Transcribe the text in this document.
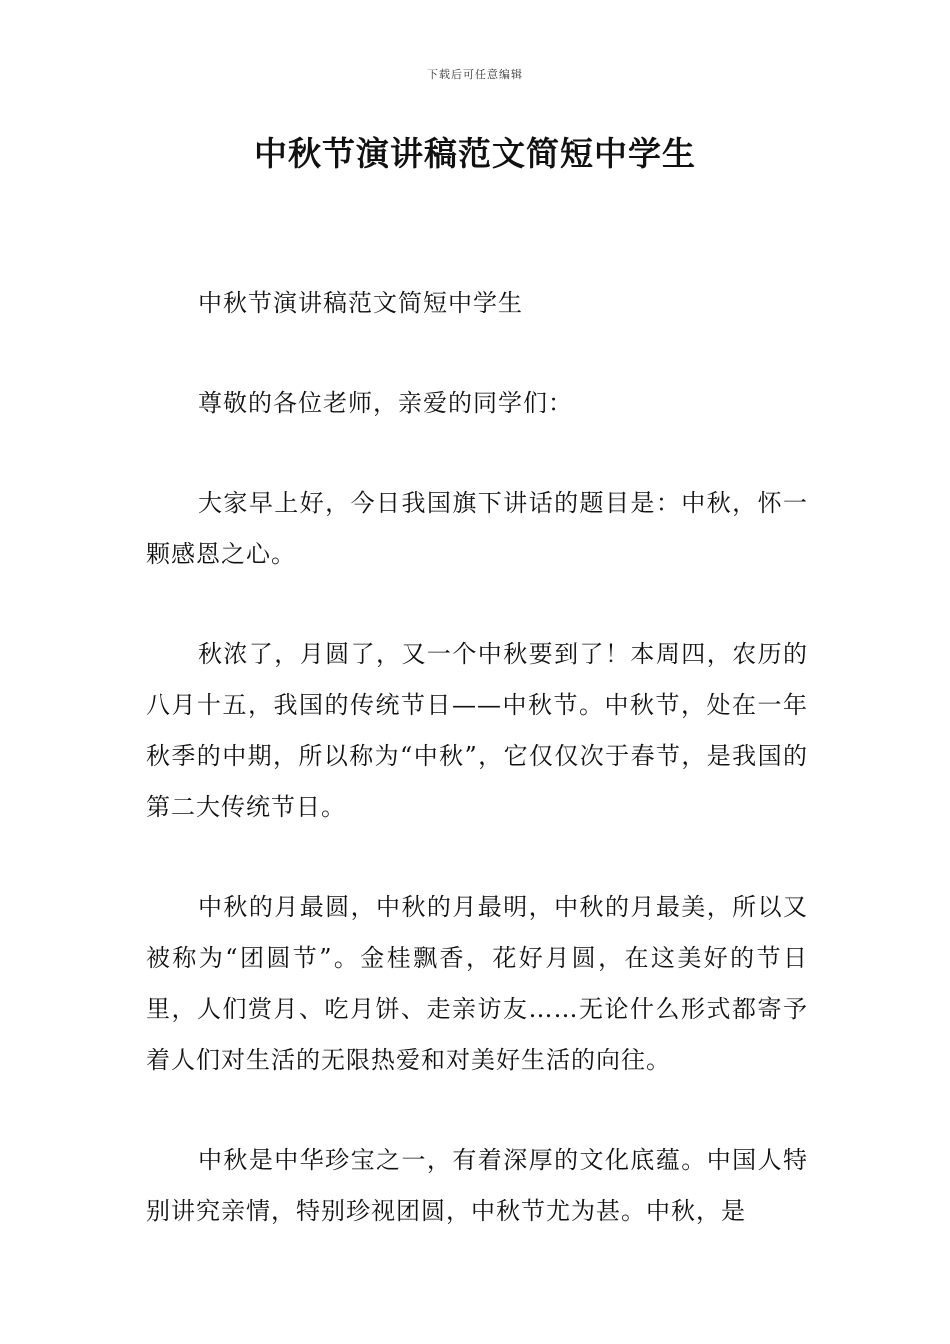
下载后可任意编辑
中秋节演讲稿范文简短中学生

中秋节演讲稿范文简短中学生

尊敬的各位老师，亲爱的同学们：

大家早上好，今日我国旗下讲话的题目是：中秋，怀一颗感恩之心。

秋浓了，月圆了，又一个中秋要到了！本周四，农历的八月十五，我国的传统节日——中秋节。中秋节，处在一年秋季的中期，所以称为“中秋”，它仅仅次于春节，是我国的第二大传统节日。

中秋的月最圆，中秋的月最明，中秋的月最美，所以又被称为“团圆节”。金桂飘香，花好月圆，在这美好的节日里，人们赏月、吃月饼、走亲访友……无论什么形式都寄予着人们对生活的无限热爱和对美好生活的向往。

中秋是中华珍宝之一，有着深厚的文化底蕴。中国人特别讲究亲情，特别珍视团圆，中秋节尤为甚。中秋，是
